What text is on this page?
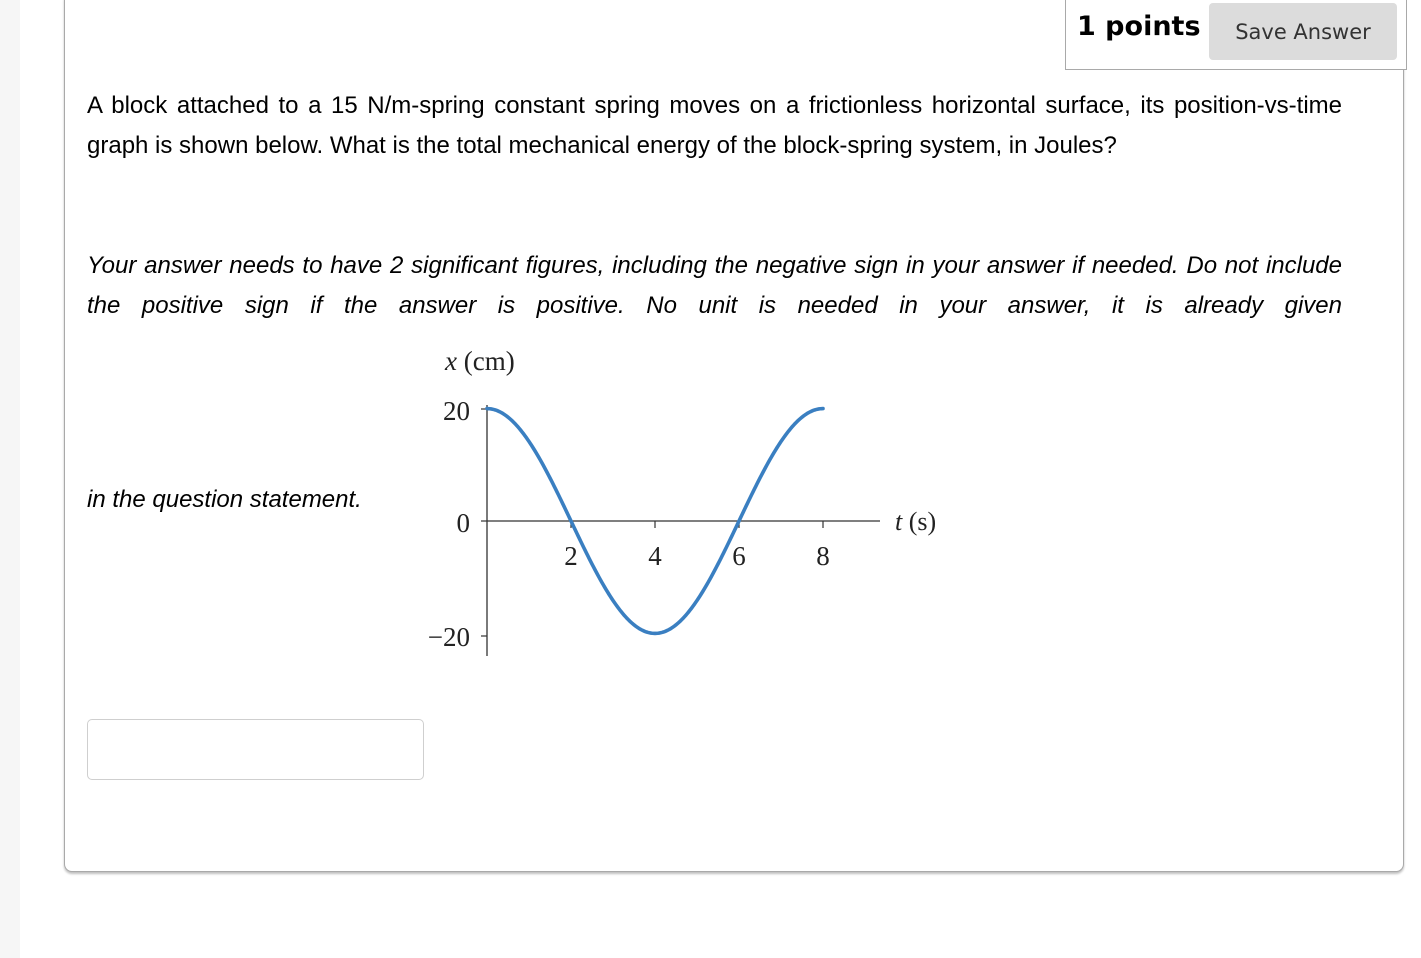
1 points	Save Answer

A block attached to a 15 N/m-spring constant spring moves on a frictionless horizontal surface, its position-vs-time graph is shown below. What is the total mechanical energy of the block-spring system, in Joules?

Your answer needs to have 2 significant figures, including the negative sign in your answer if needed. Do not include the positive sign if the answer is positive. No unit is needed in your answer, it is already given

in the question statement.
x (cm)
t (s)
20
0
−20
2	4	6	8
